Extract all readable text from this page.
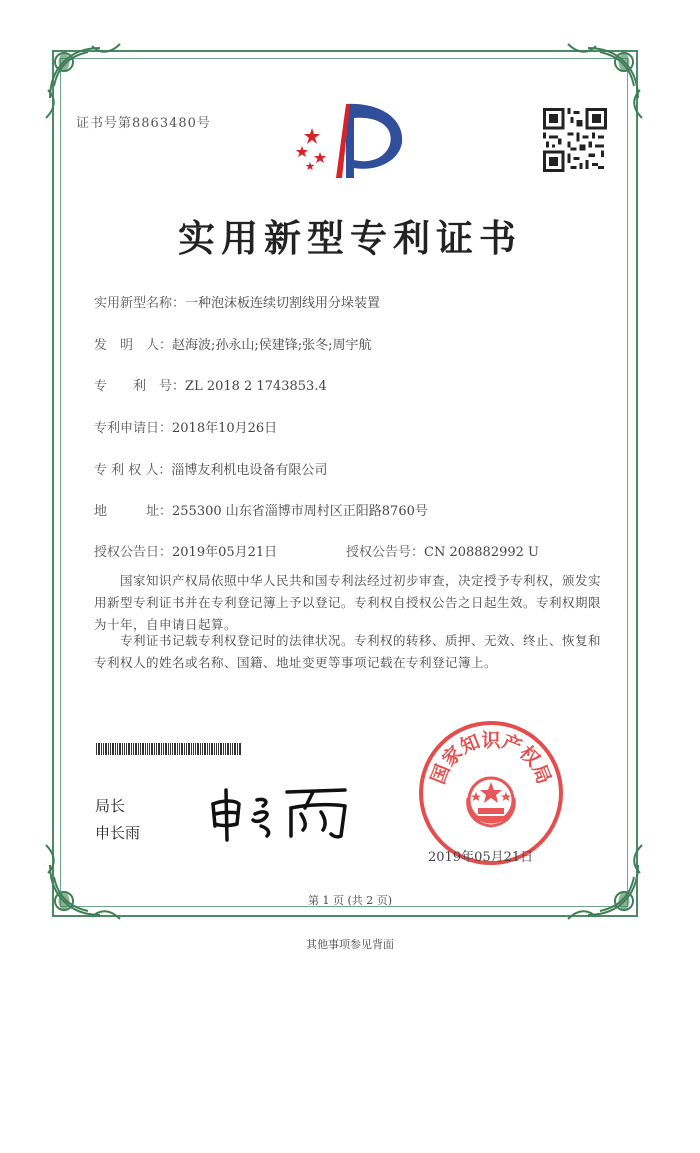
证书号第8863480号
实用新型专利证书
实用新型名称：一种泡沫板连续切割线用分垛装置
发　明　人：赵海波;孙永山;侯建锋;张冬;周宇航
专　　利　号：ZL 2018 2 1743853.4
专利申请日：2018年10月26日
专 利 权 人：淄博友利机电设备有限公司
地　　　址：255300 山东省淄博市周村区正阳路8760号
授权公告日：2019年05月21日	授权公告号：CN 208882992 U
国家知识产权局依照中华人民共和国专利法经过初步审查，决定授予专利权，颁发实用新型专利证书并在专利登记簿上予以登记。专利权自授权公告之日起生效。专利权期限为十年，自申请日起算。
专利证书记载专利权登记时的法律状况。专利权的转移、质押、无效、终止、恢复和专利权人的姓名或名称、国籍、地址变更等事项记载在专利登记簿上。
局长
申长雨
国家知识产权局
2019年05月21日
第 1 页 (共 2 页)
其他事项参见背面
